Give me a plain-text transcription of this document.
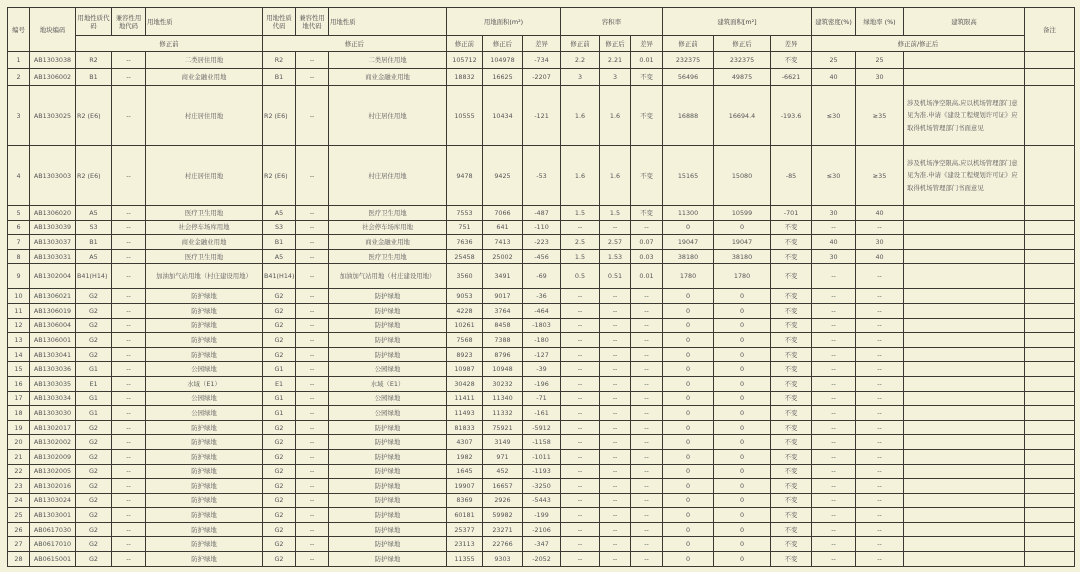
编号	地块编码	用地性质代码	兼容性用地代码	用地性质	用地性质代码	兼容性用地代码	用地性质	用地面积(m²)			容积率			建筑面积[m²]			建筑密度(%)	绿地率 (%)	建筑限高	备注
		修正前			修正后			修正前	修正后	差异	修正前	修正后	差异	修正前	修正后	差异	修正前/修正后			
1	AB1303038	R2	--	二类居住用地	R2	--	二类居住用地	105712	104978	-734	2.2	2.21	0.01	232375	232375	不变	25	25		
2	AB1306002	B1	--	商业金融业用地	B1	--	商业金融业用地	18832	16625	-2207	3	3	不变	56496	49875	-6621	40	30		
3	AB1303025	R2 (E6)	--	村庄居住用地	R2 (E6)	--	村庄居住用地	10555	10434	-121	1.6	1.6	不变	16888	16694.4	-193.6	≤30	≥35	涉及机场净空限高,应以机场管理部门意见为准.申请《建设工程规划许可证》应取得机场管理部门书面意见	
4	AB1303003	R2 (E6)	--	村庄居住用地	R2 (E6)	--	村庄居住用地	9478	9425	-53	1.6	1.6	不变	15165	15080	-85	≤30	≥35	涉及机场净空限高,应以机场管理部门意见为准.申请《建设工程规划许可证》应取得机场管理部门书面意见	
5	AB1306020	A5	--	医疗卫生用地	A5	--	医疗卫生用地	7553	7066	-487	1.5	1.5	不变	11300	10599	-701	30	40		
6	AB1303039	S3	--	社会停车场库用地	S3	--	社会停车场库用地	751	641	-110	--	--	--	0	0	不变	--	--		
7	AB1303037	B1	--	商业金融业用地	B1	--	商业金融业用地	7636	7413	-223	2.5	2.57	0.07	19047	19047	不变	40	30		
8	AB1303031	A5	--	医疗卫生用地	A5	--	医疗卫生用地	25458	25002	-456	1.5	1.53	0.03	38180	38180	不变	30	40		
9	AB1302004	B41(H14)	--	加油加气站用地（村庄建设用地）	B41(H14)	--	加油加气站用地（村庄建设用地）	3560	3491	-69	0.5	0.51	0.01	1780	1780	不变	--	--		
10	AB1306021	G2	--	防护绿地	G2	--	防护绿地	9053	9017	-36	--	--	--	0	0	不变	--	--		
11	AB1306019	G2	--	防护绿地	G2	--	防护绿地	4228	3764	-464	--	--	--	0	0	不变	--	--		
12	AB1306004	G2	--	防护绿地	G2	--	防护绿地	10261	8458	-1803	--	--	--	0	0	不变	--	--		
13	AB1306001	G2	--	防护绿地	G2	--	防护绿地	7568	7388	-180	--	--	--	0	0	不变	--	--		
14	AB1303041	G2	--	防护绿地	G2	--	防护绿地	8923	8796	-127	--	--	--	0	0	不变	--	--		
15	AB1303036	G1	--	公园绿地	G1	--	公园绿地	10987	10948	-39	--	--	--	0	0	不变	--	--		
16	AB1303035	E1	--	水域（E1）	E1	--	水域（E1）	30428	30232	-196	--	--	--	0	0	不变	--	--		
17	AB1303034	G1	--	公园绿地	G1	--	公园绿地	11411	11340	-71	--	--	--	0	0	不变	--	--		
18	AB1303030	G1	--	公园绿地	G1	--	公园绿地	11493	11332	-161	--	--	--	0	0	不变	--	--		
19	AB1302017	G2	--	防护绿地	G2	--	防护绿地	81833	75921	-5912	--	--	--	0	0	不变	--	--		
20	AB1302002	G2	--	防护绿地	G2	--	防护绿地	4307	3149	-1158	--	--	--	0	0	不变	--	--		
21	AB1302009	G2	--	防护绿地	G2	--	防护绿地	1982	971	-1011	--	--	--	0	0	不变	--	--		
22	AB1302005	G2	--	防护绿地	G2	--	防护绿地	1645	452	-1193	--	--	--	0	0	不变	--	--		
23	AB1302016	G2	--	防护绿地	G2	--	防护绿地	19907	16657	-3250	--	--	--	0	0	不变	--	--		
24	AB1303024	G2	--	防护绿地	G2	--	防护绿地	8369	2926	-5443	--	--	--	0	0	不变	--	--		
25	AB1303001	G2	--	防护绿地	G2	--	防护绿地	60181	59982	-199	--	--	--	0	0	不变	--	--		
26	AB0617030	G2	--	防护绿地	G2	--	防护绿地	25377	23271	-2106	--	--	--	0	0	不变	--	--		
27	AB0617010	G2	--	防护绿地	G2	--	防护绿地	23113	22766	-347	--	--	--	0	0	不变	--	--		
28	AB0615001	G2	--	防护绿地	G2	--	防护绿地	11355	9303	-2052	--	--	--	0	0	不变	--	--		
